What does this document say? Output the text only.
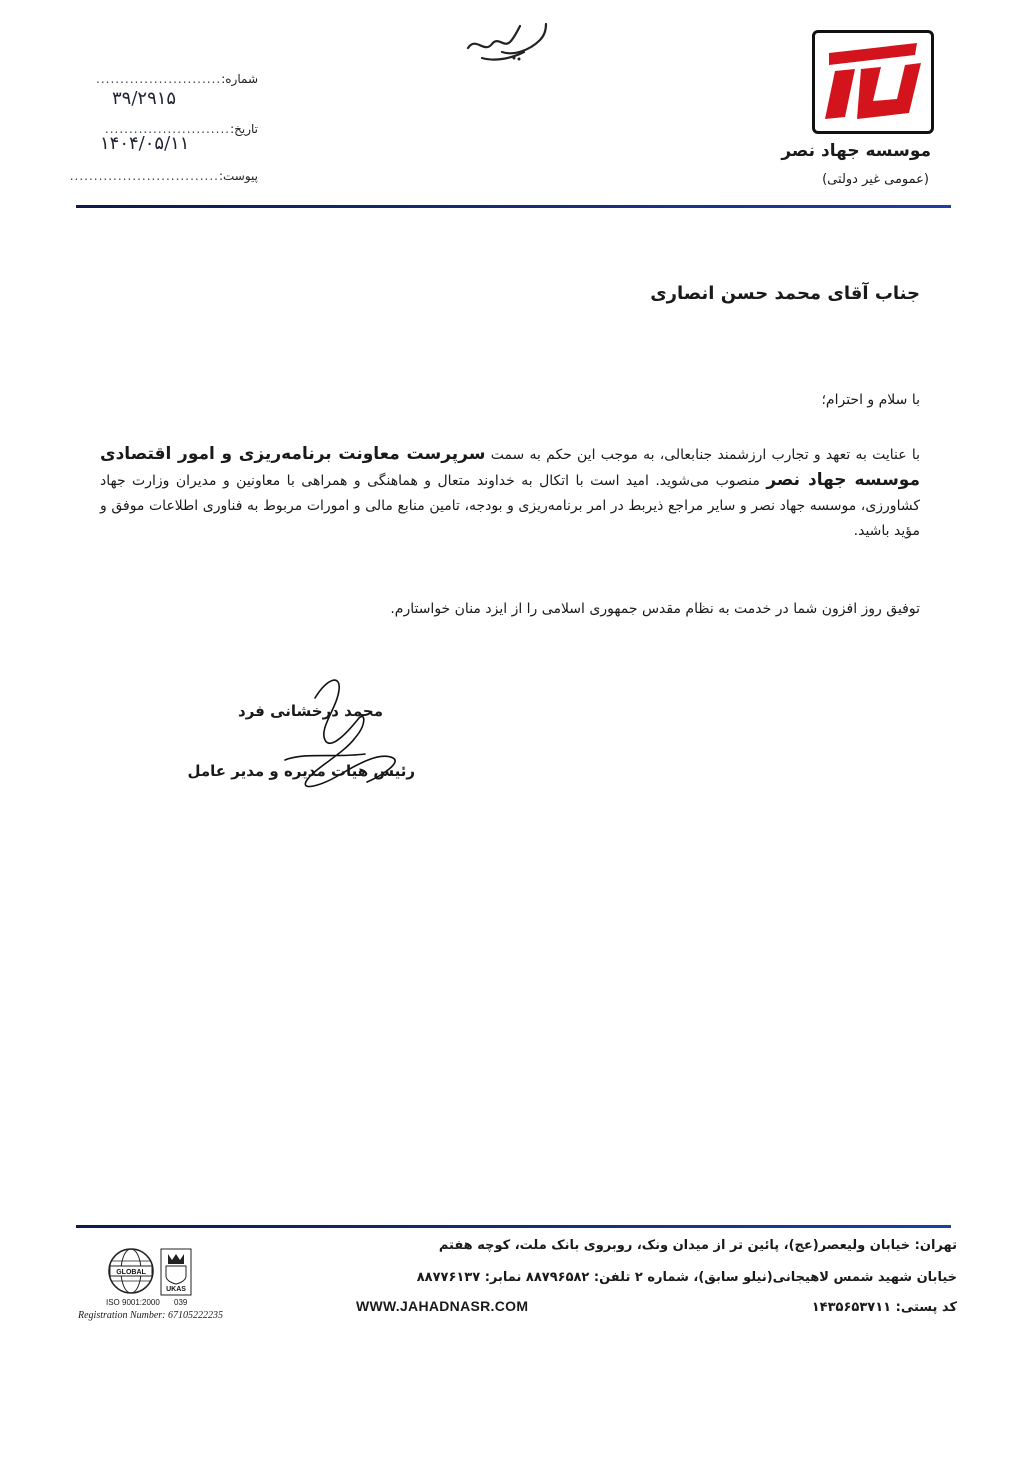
موسسه جهاد نصر
(عمومی غیر دولتی)
شماره:..........................
۳۹/۲۹۱۵
تاریخ:..........................
۱۴۰۴/۰۵/۱۱
پیوست:...............................
جناب آقای محمد حسن انصاری
با سلام و احترام؛
با عنایت به تعهد و تجارب ارزشمند جنابعالی، به موجب این حکم به سمت سرپرست معاونت برنامه‌ریزی و امور اقتصادی موسسه جهاد نصر منصوب می‌شوید. امید است با اتکال به خداوند متعال و هماهنگی و همراهی با معاونین و مدیران وزارت جهاد کشاورزی، موسسه جهاد نصر و سایر مراجع ذیربط در امر برنامه‌ریزی و بودجه، تامین منابع مالی و امورات مربوط به فناوری اطلاعات موفق و مؤید باشید.
توفیق روز افزون شما در خدمت به نظام مقدس جمهوری اسلامی را از ایزد منان خواستارم.
محمد درخشانی فرد
رئیس هیات مدیره و مدیر عامل
تهران: خیابان ولیعصر(عج)، پائین تر از میدان ونک، روبروی بانک ملت، کوچه هفتم
خیابان شهید شمس لاهیجانی(نیلو سابق)، شماره ۲ تلفن: ۸۸۷۹۶۵۸۲ نمابر: ۸۸۷۷۶۱۳۷
کد پستی: ۱۴۳۵۶۵۳۷۱۱
WWW.JAHADNASR.COM
GLOBAL
UKAS
ISO 9001:2000 039
Registration Number: 67105222235
